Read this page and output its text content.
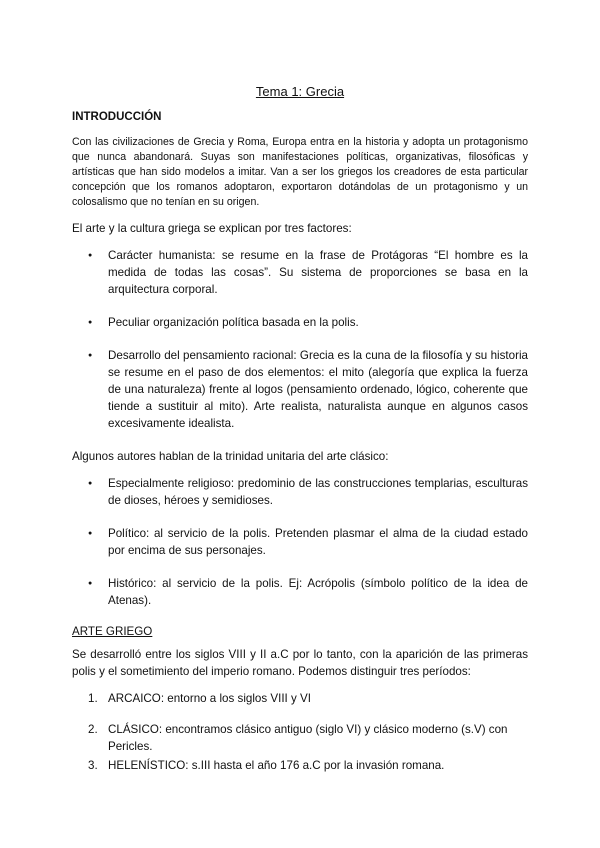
Tema 1: Grecia
INTRODUCCIÓN

Con las civilizaciones de Grecia y Roma, Europa entra en la historia y adopta un protagonismo que nunca abandonará. Suyas son manifestaciones políticas, organizativas, filosóficas y artísticas que han sido modelos a imitar. Van a ser los griegos los creadores de esta particular concepción que los romanos adoptaron, exportaron dotándolas de un protagonismo y un colosalismo que no tenían en su origen.

El arte y la cultura griega se explican por tres factores:

● Carácter humanista: se resume en la frase de Protágoras “El hombre es la medida de todas las cosas”. Su sistema de proporciones se basa en la arquitectura corporal.
● Peculiar organización política basada en la polis.
● Desarrollo del pensamiento racional: Grecia es la cuna de la filosofía y su historia se resume en el paso de dos elementos: el mito (alegoría que explica la fuerza de una naturaleza) frente al logos (pensamiento ordenado, lógico, coherente que tiende a sustituir al mito). Arte realista, naturalista aunque en algunos casos excesivamente idealista.

Algunos autores hablan de la trinidad unitaria del arte clásico:

● Especialmente religioso: predominio de las construcciones templarias, esculturas de dioses, héroes y semidioses.
● Político: al servicio de la polis. Pretenden plasmar el alma de la ciudad estado por encima de sus personajes.
● Histórico: al servicio de la polis. Ej: Acrópolis (símbolo político de la idea de Atenas).
ARTE GRIEGO

Se desarrolló entre los siglos VIII y II a.C por lo tanto, con la aparición de las primeras polis y el sometimiento del imperio romano. Podemos distinguir tres períodos:

1. ARCAICO: entorno a los siglos VIII y VI
2. CLÁSICO: encontramos clásico antiguo (siglo VI) y clásico moderno (s.V) con Pericles.
3. HELENÍSTICO: s.III hasta el año 176 a.C por la invasión romana.
